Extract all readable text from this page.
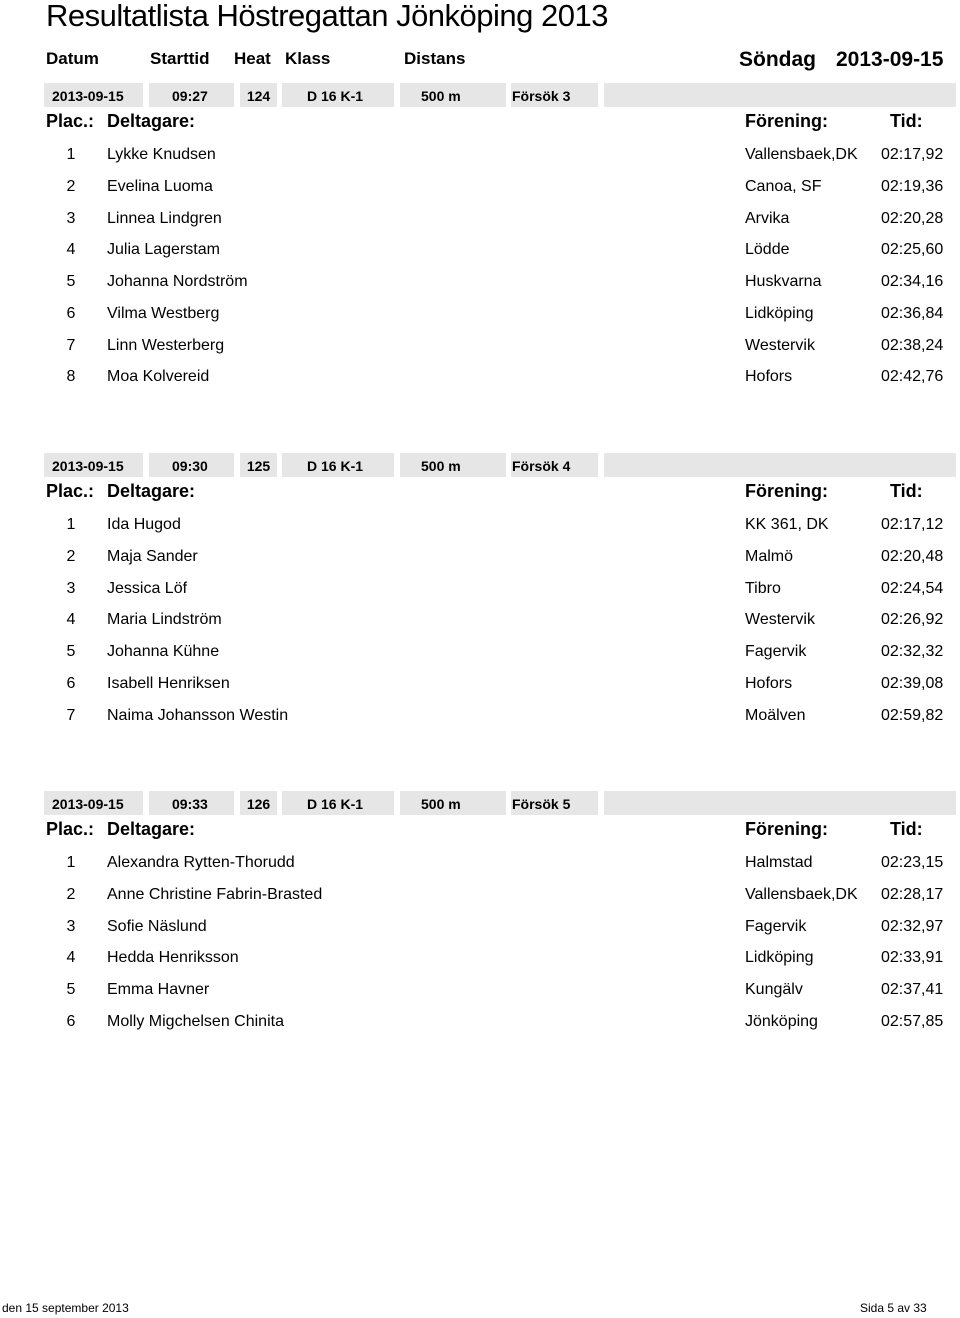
Resultatlista Höstregattan Jönköping 2013
Datum	Starttid Heat Klass	Distans	Söndag 2013-09-15
2013-09-15	09:27	124	D 16 K-1	500 m	Försök 3
Plac.: Deltagare:	Förening:	Tid:
1 Lykke Knudsen	Vallensbaek,DK 02:17,92
2 Evelina Luoma	Canoa, SF	02:19,36
3 Linnea Lindgren	Arvika	02:20,28
4 Julia Lagerstam	Lödde	02:25,60
5 Johanna Nordström	Huskvarna	02:34,16
6 Vilma Westberg	Lidköping	02:36,84
7 Linn Westerberg	Westervik	02:38,24
8 Moa Kolvereid	Hofors	02:42,76
2013-09-15	09:30	125	D 16 K-1	500 m	Försök 4
Plac.: Deltagare:	Förening:	Tid:
1 Ida Hugod	KK 361, DK	02:17,12
2 Maja Sander	Malmö	02:20,48
3 Jessica Löf	Tibro	02:24,54
4 Maria Lindström	Westervik	02:26,92
5 Johanna Kühne	Fagervik	02:32,32
6 Isabell Henriksen	Hofors	02:39,08
7 Naima Johansson Westin	Moälven	02:59,82
2013-09-15	09:33	126	D 16 K-1	500 m	Försök 5
Plac.: Deltagare:	Förening:	Tid:
1 Alexandra Rytten-Thorudd	Halmstad	02:23,15
2 Anne Christine Fabrin-Brasted	Vallensbaek,DK 02:28,17
3 Sofie Näslund	Fagervik	02:32,97
4 Hedda Henriksson	Lidköping	02:33,91
5 Emma Havner	Kungälv	02:37,41
6 Molly Migchelsen Chinita	Jönköping	02:57,85
den 15 september 2013	Sida 5 av 33
